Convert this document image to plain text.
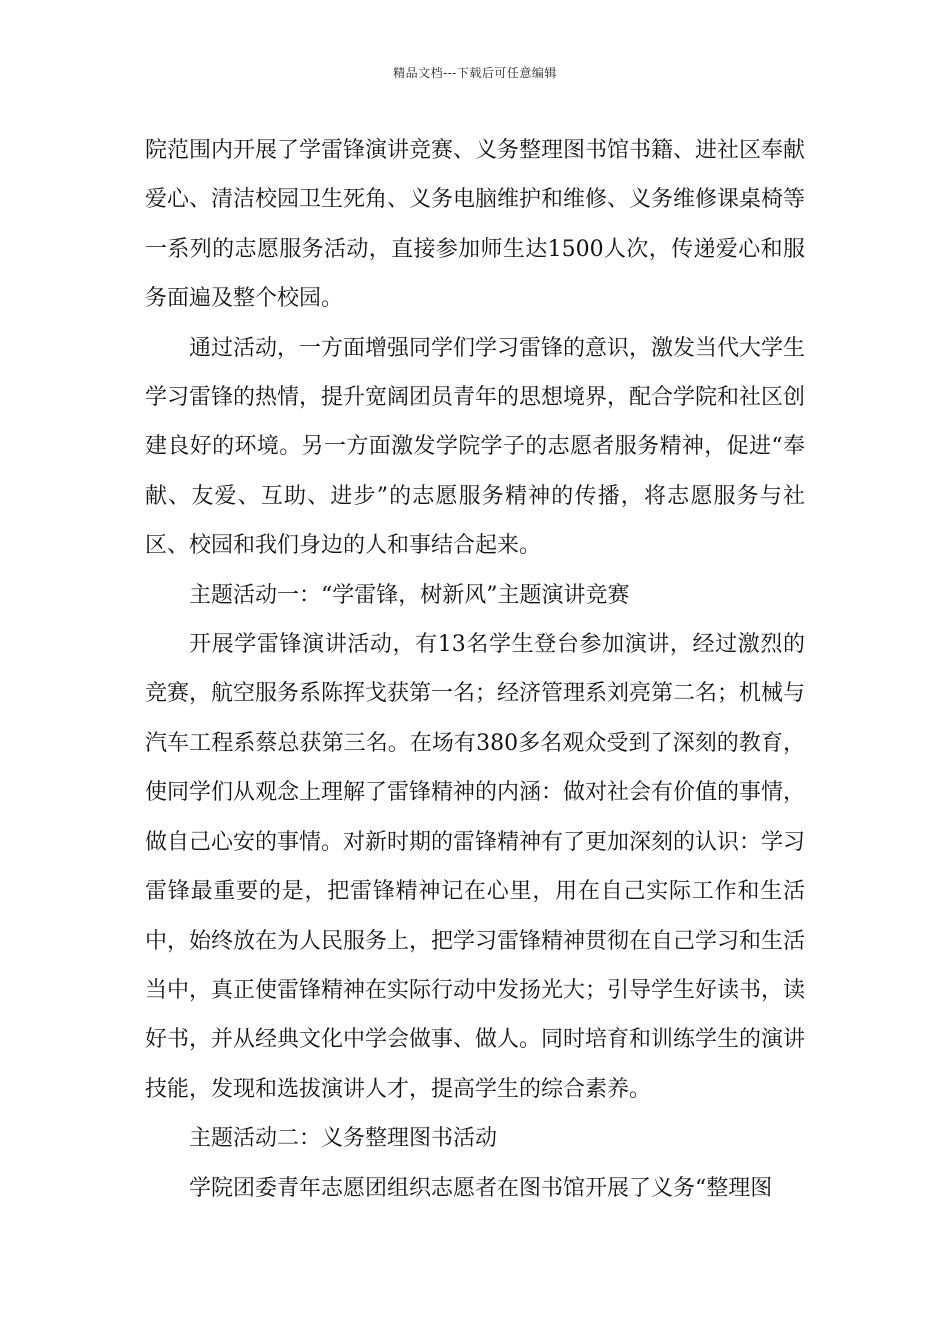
精品文档---下载后可任意编辑

院范围内开展了学雷锋演讲竞赛、义务整理图书馆书籍、进社区奉献爱心、清洁校园卫生死角、义务电脑维护和维修、义务维修课桌椅等一系列的志愿服务活动，直接参加师生达1500人次，传递爱心和服务面遍及整个校园。

通过活动，一方面增强同学们学习雷锋的意识，激发当代大学生学习雷锋的热情，提升宽阔团员青年的思想境界，配合学院和社区创建良好的环境。另一方面激发学院学子的志愿者服务精神，促进“奉献、友爱、互助、进步”的志愿服务精神的传播，将志愿服务与社区、校园和我们身边的人和事结合起来。

主题活动一：“学雷锋，树新风”主题演讲竞赛

开展学雷锋演讲活动，有13名学生登台参加演讲，经过激烈的竞赛，航空服务系陈挥戈获第一名；经济管理系刘亮第二名；机械与汽车工程系蔡总获第三名。在场有380多名观众受到了深刻的教育，使同学们从观念上理解了雷锋精神的内涵：做对社会有价值的事情，做自己心安的事情。对新时期的雷锋精神有了更加深刻的认识：学习雷锋最重要的是，把雷锋精神记在心里，用在自己实际工作和生活中，始终放在为人民服务上，把学习雷锋精神贯彻在自己学习和生活当中，真正使雷锋精神在实际行动中发扬光大；引导学生好读书，读好书，并从经典文化中学会做事、做人。同时培育和训练学生的演讲技能，发现和选拔演讲人才，提高学生的综合素养。

主题活动二：义务整理图书活动

学院团委青年志愿团组织志愿者在图书馆开展了义务“整理图
